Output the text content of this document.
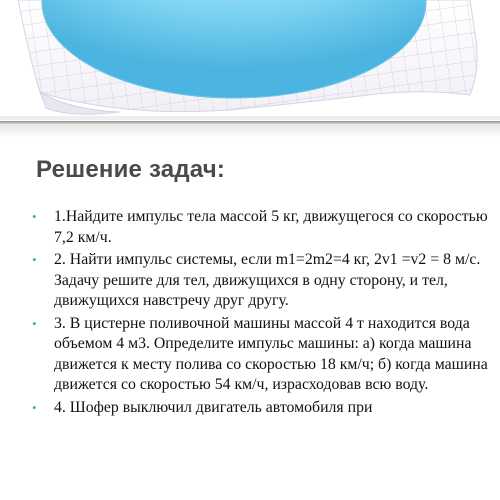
Решение задач:
• 1.Найдите импульс тела массой 5 кг, движущегося со скоростью 7,2 км/ч.
• 2. Найти импульс системы, если m1=2m2=4 кг, 2v1 =v2 = 8 м/с. Задачу решите для тел, движущихся в одну сторону, и тел, движущихся навстречу друг другу.
• 3. В цистерне поливочной машины массой 4 т находится вода объемом 4 м3. Определите импульс машины: а) когда машина движется к месту полива со скоростью 18 км/ч; б) когда машина движется со скоростью 54 км/ч, израсходовав всю воду.
• 4. Шофер выключил двигатель автомобиля при
